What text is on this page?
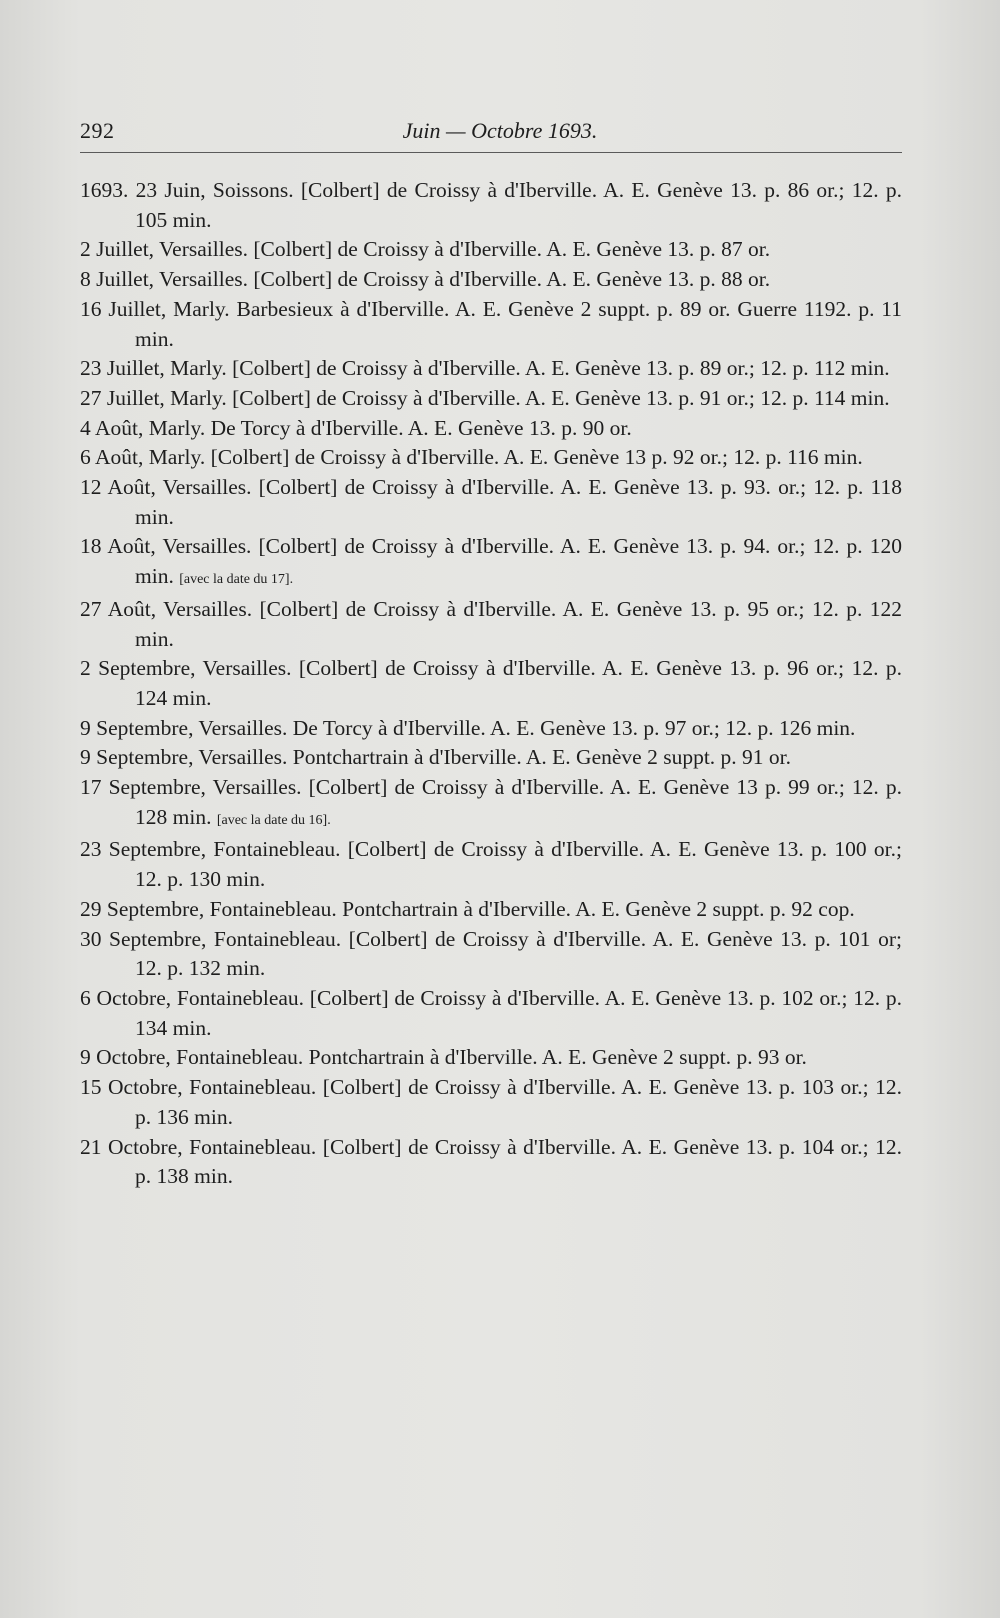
292	Juin — Octobre 1693.

1693. 23 Juin, Soissons. [Colbert] de Croissy à d'Iberville. A. E. Genève 13. p. 86 or.; 12. p. 105 min.

2 Juillet, Versailles. [Colbert] de Croissy à d'Iberville. A. E. Genève 13. p. 87 or.

8 Juillet, Versailles. [Colbert] de Croissy à d'Iberville. A. E. Genève 13. p. 88 or.

16 Juillet, Marly. Barbesieux à d'Iberville. A. E. Genève 2 suppt. p. 89 or. Guerre 1192. p. 11 min.

23 Juillet, Marly. [Colbert] de Croissy à d'Iberville. A. E. Genève 13. p. 89 or.; 12. p. 112 min.

27 Juillet, Marly. [Colbert] de Croissy à d'Iberville. A. E. Genève 13. p. 91 or.; 12. p. 114 min.

4 Août, Marly. De Torcy à d'Iberville. A. E. Genève 13. p. 90 or.

6 Août, Marly. [Colbert] de Croissy à d'Iberville. A. E. Genève 13 p. 92 or.; 12. p. 116 min.

12 Août, Versailles. [Colbert] de Croissy à d'Iberville. A. E. Genève 13. p. 93. or.; 12. p. 118 min.

18 Août, Versailles. [Colbert] de Croissy à d'Iberville. A. E. Genève 13. p. 94. or.; 12. p. 120 min. [avec la date du 17].

27 Août, Versailles. [Colbert] de Croissy à d'Iberville. A. E. Genève 13. p. 95 or.; 12. p. 122 min.

2 Septembre, Versailles. [Colbert] de Croissy à d'Iberville. A. E. Genève 13. p. 96 or.; 12. p. 124 min.

9 Septembre, Versailles. De Torcy à d'Iberville. A. E. Genève 13. p. 97 or.; 12. p. 126 min.

9 Septembre, Versailles. Pontchartrain à d'Iberville. A. E. Genève 2 suppt. p. 91 or.

17 Septembre, Versailles. [Colbert] de Croissy à d'Iberville. A. E. Genève 13 p. 99 or.; 12. p. 128 min. [avec la date du 16].

23 Septembre, Fontainebleau. [Colbert] de Croissy à d'Iberville. A. E. Genève 13. p. 100 or.; 12. p. 130 min.

29 Septembre, Fontainebleau. Pontchartrain à d'Iberville. A. E. Genève 2 suppt. p. 92 cop.

30 Septembre, Fontainebleau. [Colbert] de Croissy à d'Iberville. A. E. Genève 13. p. 101 or; 12. p. 132 min.

6 Octobre, Fontainebleau. [Colbert] de Croissy à d'Iberville. A. E. Genève 13. p. 102 or.; 12. p. 134 min.

9 Octobre, Fontainebleau. Pontchartrain à d'Iberville. A. E. Genève 2 suppt. p. 93 or.

15 Octobre, Fontainebleau. [Colbert] de Croissy à d'Iberville. A. E. Genève 13. p. 103 or.; 12. p. 136 min.

21 Octobre, Fontainebleau. [Colbert] de Croissy à d'Iberville. A. E. Genève 13. p. 104 or.; 12. p. 138 min.
